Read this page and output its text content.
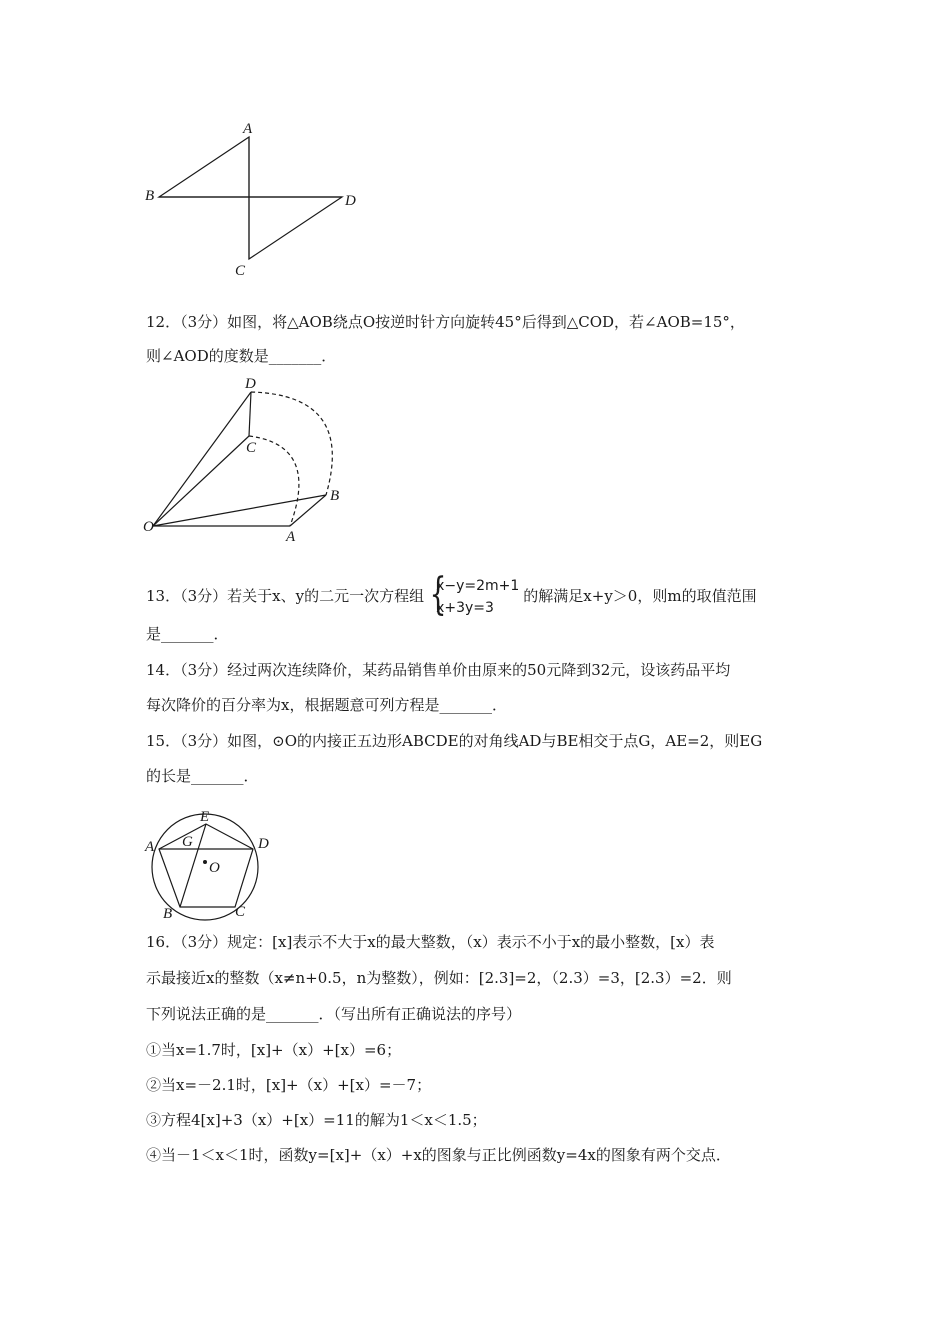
A
B
C
D
12．（3分）如图，将△AOB绕点O按逆时针方向旋转45°后得到△COD，若∠AOB=15°，
则∠AOD的度数是_______．
D
C
B
O
A
13．（3分）若关于x、y的二元一次方程组 {
x−y=2m+1
x+3y=3
的解满足x+y＞0，则m的取值范围
是_______．
14．（3分）经过两次连续降价，某药品销售单价由原来的50元降到32元，设该药品平均
每次降价的百分率为x，根据题意可列方程是_______．
15．（3分）如图，⊙O的内接正五边形ABCDE的对角线AD与BE相交于点G，AE=2，则EG
的长是_______．
E
A G	D
O
B	C
16．（3分）规定：[x]表示不大于x的最大整数，（x）表示不小于x的最小整数，[x）表
示最接近x的整数（x≠n+0.5，n为整数），例如：[2.3]=2，（2.3）=3，[2.3）=2．则
下列说法正确的是_______．（写出所有正确说法的序号）
①当x=1.7时，[x]+（x）+[x）=6；
②当x=－2.1时，[x]+（x）+[x）=－7；
③方程4[x]+3（x）+[x）=11的解为1＜x＜1.5；
④当－1＜x＜1时，函数y=[x]+（x）+x的图象与正比例函数y=4x的图象有两个交点．
